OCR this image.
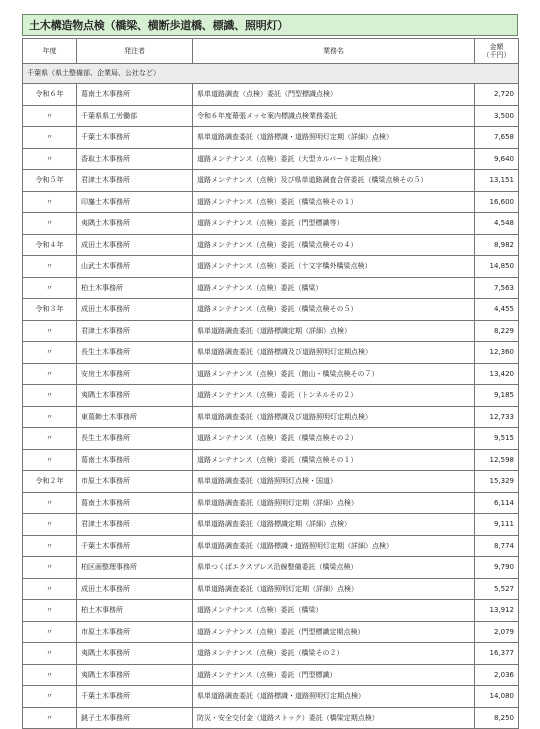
土木構造物点検（橋梁、横断歩道橋、標識、照明灯）
年度	発注者	業務名	金額
（千円）
千葉県（県土整備部、企業局、公社など）			
令和６年	葛南土木事務所	県単道路調査（点検）委託（門型標識点検）	2,720
〃	千葉県県工労働部	令和６年度幕張メッセ案内標識点検業務委託	3,500
〃	千葉土木事務所	県単道路調査委託（道路標識・道路照明灯定期（詳細）点検）	7,658
〃	香取土木事務所	道路メンテナンス（点検）委託（大型カルバート定期点検）	9,640
令和５年	君津土木事務所	道路メンテナンス（点検）及び県単道路調査合併委託（橋梁点検その５）	13,151
〃	印旛土木事務所	道路メンテナンス（点検）委託（橋梁点検その１）	16,600
〃	夷隅土木事務所	道路メンテナンス（点検）委託（門型標識等）	4,548
令和４年	成田土木事務所	道路メンテナンス（点検）委託（橋梁点検その４）	8,982
〃	山武土木事務所	道路メンテナンス（点検）委託（十文字橋外橋梁点検）	14,850
〃	柏土木事務所	道路メンテナンス（点検）委託（橋梁）	7,563
令和３年	成田土木事務所	道路メンテナンス（点検）委託（橋梁点検その５）	4,455
〃	君津土木事務所	県単道路調査委託（道路標識定期（詳細）点検）	8,229
〃	長生土木事務所	県単道路調査委託（道路標識及び道路照明灯定期点検）	12,360
〃	安房土木事務所	道路メンテナンス（点検）委託（館山・橋梁点検その７）	13,420
〃	夷隅土木事務所	道路メンテナンス（点検）委託（トンネルその２）	9,185
〃	東葛飾土木事務所	県単道路調査委託（道路標識及び道路照明灯定期点検）	12,733
〃	長生土木事務所	道路メンテナンス（点検）委託（橋梁点検その２）	9,515
〃	葛南土木事務所	道路メンテナンス（点検）委託（橋梁点検その１）	12,598
令和２年	市原土木事務所	県単道路調査委託（道路照明灯点検・国道）	15,329
〃	葛南土木事務所	県単道路調査委託（道路照明灯定期（詳細）点検）	6,114
〃	君津土木事務所	県単道路調査委託（道路標識定期（詳細）点検）	9,111
〃	千葉土木事務所	県単道路調査委託（道路標識・道路照明灯定期（詳細）点検）	8,774
〃	柏区画整理事務所	県単つくばエクスプレス沿線整備委託（橋梁点検）	9,790
〃	成田土木事務所	県単道路調査委託（道路照明灯定期（詳細）点検）	5,527
〃	柏土木事務所	道路メンテナンス（点検）委託（橋梁）	13,912
〃	市原土木事務所	道路メンテナンス（点検）委託（門型標識定期点検）	2,079
〃	夷隅土木事務所	道路メンテナンス（点検）委託（橋梁その２）	16,377
〃	夷隅土木事務所	道路メンテナンス（点検）委託（門型標識）	2,036
〃	千葉土木事務所	県単道路調査委託（道路標識・道路照明灯定期点検）	14,080
〃	銚子土木事務所	防災・安全交付金（道路ストック）委託（橋梁定期点検）	8,250
